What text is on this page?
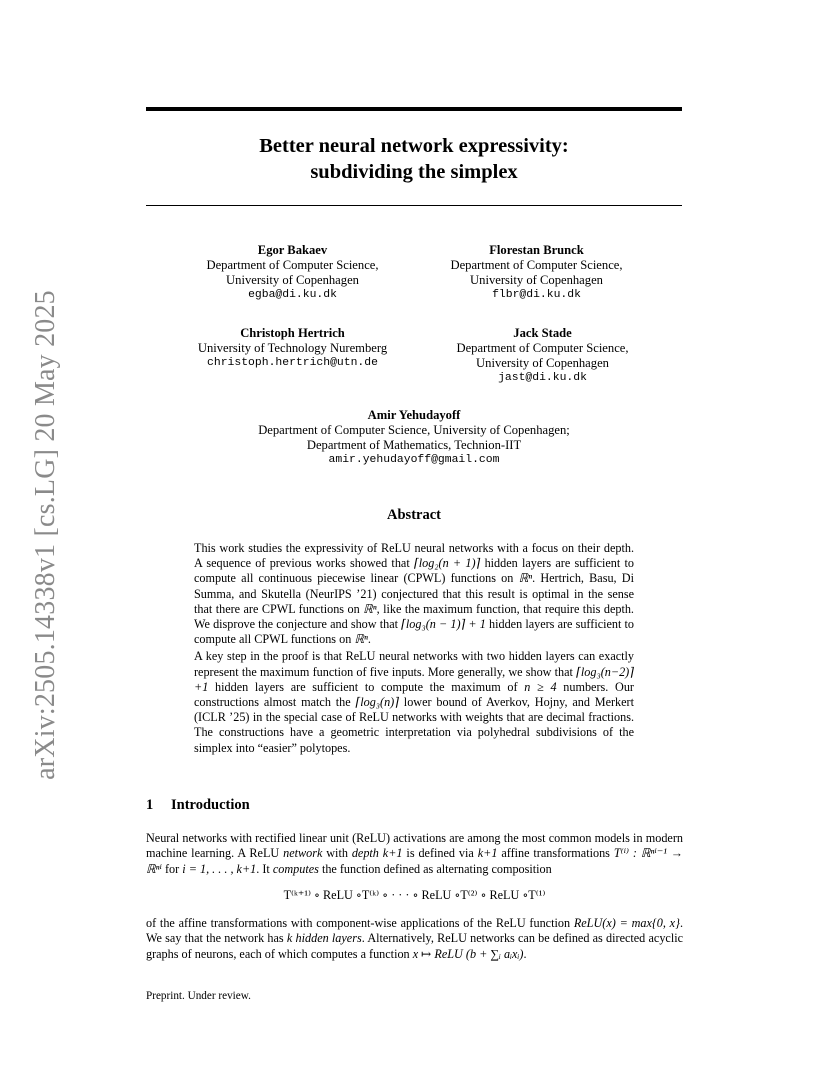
arXiv:2505.14338v1 [cs.LG] 20 May 2025
Better neural network expressivity:
subdividing the simplex
Egor Bakaev
Department of Computer Science,
University of Copenhagen
egba@di.ku.dk
Florestan Brunck
Department of Computer Science,
University of Copenhagen
flbr@di.ku.dk
Christoph Hertrich
University of Technology Nuremberg
christoph.hertrich@utn.de
Jack Stade
Department of Computer Science,
University of Copenhagen
jast@di.ku.dk
Amir Yehudayoff
Department of Computer Science, University of Copenhagen;
Department of Mathematics, Technion-IIT
amir.yehudayoff@gmail.com
Abstract

This work studies the expressivity of ReLU neural networks with a focus on their depth. A sequence of previous works showed that ⌈log₂(n + 1)⌉ hidden layers are sufficient to compute all continuous piecewise linear (CPWL) functions on ℝⁿ. Hertrich, Basu, Di Summa, and Skutella (NeurIPS ’21) conjectured that this result is optimal in the sense that there are CPWL functions on ℝⁿ, like the maximum function, that require this depth. We disprove the conjecture and show that ⌈log₃(n − 1)⌉ + 1 hidden layers are sufficient to compute all CPWL functions on ℝⁿ.

A key step in the proof is that ReLU neural networks with two hidden layers can exactly represent the maximum function of five inputs. More generally, we show that ⌈log₃(n−2)⌉+1 hidden layers are sufficient to compute the maximum of n ≥ 4 numbers. Our constructions almost match the ⌈log₃(n)⌉ lower bound of Averkov, Hojny, and Merkert (ICLR ’25) in the special case of ReLU networks with weights that are decimal fractions. The constructions have a geometric interpretation via polyhedral subdivisions of the simplex into “easier” polytopes.

1 Introduction

Neural networks with rectified linear unit (ReLU) activations are among the most common models in modern machine learning. A ReLU network with depth k+1 is defined via k+1 affine transformations T⁽ⁱ⁾ : ℝⁿⁱ⁻¹ → ℝⁿⁱ for i = 1, . . . , k+1. It computes the function defined as alternating composition

T⁽ᵏ⁺¹⁾ ∘ ReLU ∘T⁽ᵏ⁾ ∘ · · · ∘ ReLU ∘T⁽²⁾ ∘ ReLU ∘T⁽¹⁾

of the affine transformations with component-wise applications of the ReLU function ReLU(x) = max{0, x}. We say that the network has k hidden layers. Alternatively, ReLU networks can be defined as directed acyclic graphs of neurons, each of which computes a function x ↦ ReLU (b + ∑ᵢ aᵢxᵢ).

Preprint. Under review.
